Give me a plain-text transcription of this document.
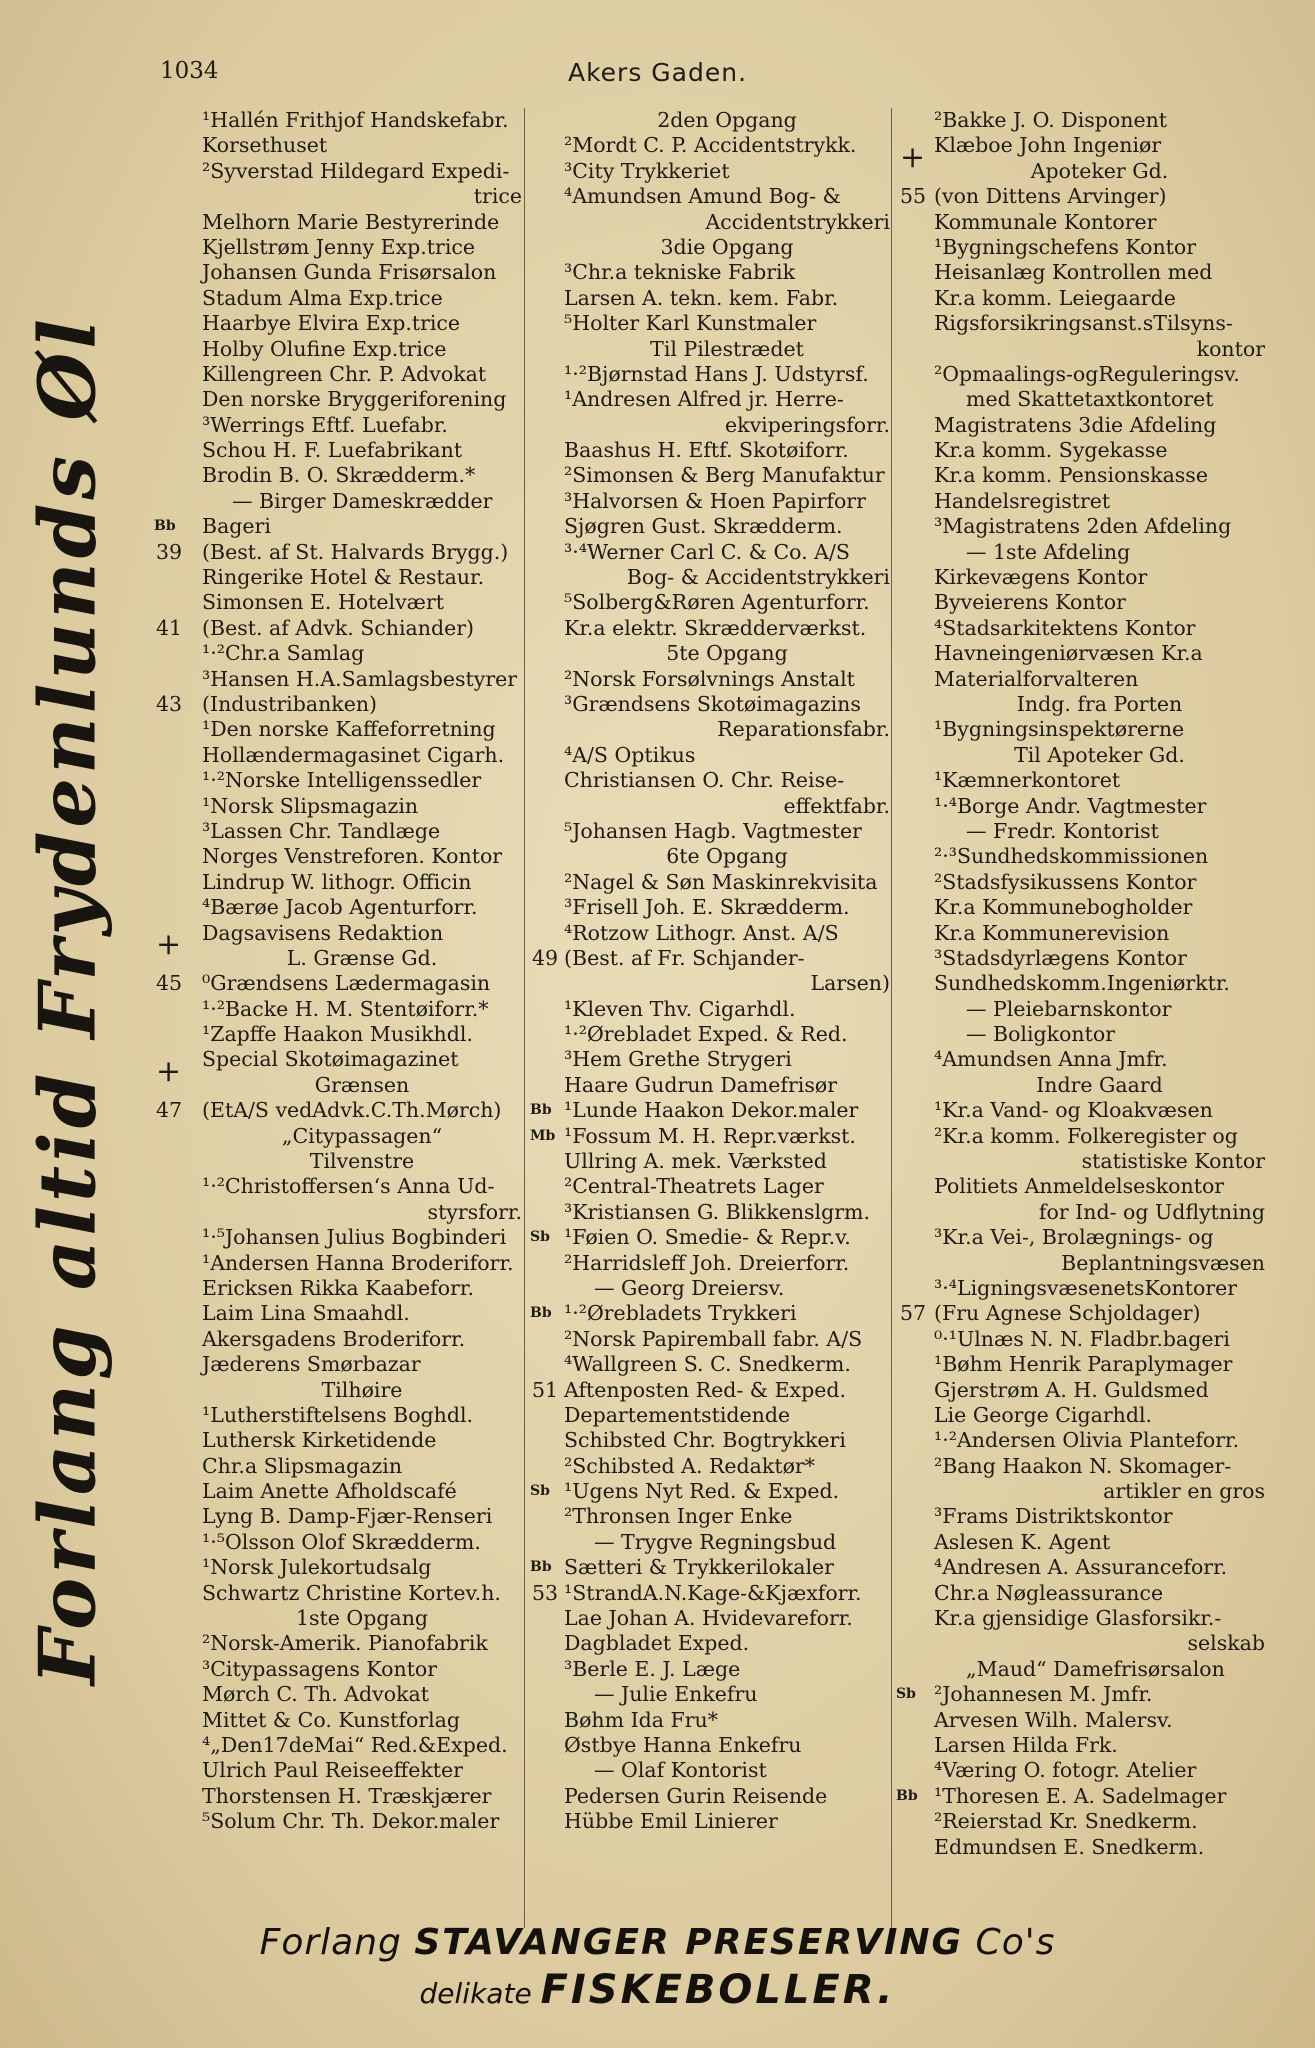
1034	Akers Gaden.
Forlang altid Frydenlunds Øl
¹Hallén Frithjof Handskefabr.
Korsethuset
²Syverstad Hildegard Expedi-
trice
Melhorn Marie Bestyrerinde
Kjellstrøm Jenny Exp.trice
Johansen Gunda Frisørsalon
Stadum Alma Exp.trice
Haarbye Elvira Exp.trice
Holby Olufine Exp.trice
Killengreen Chr. P. Advokat
Den norske Bryggeriforening
³Werrings Eftf. Luefabr.
Schou H. F. Luefabrikant
Brodin B. O. Skrædderm.*
— Birger Dameskrædder
Bb	Bageri
39 (Best. af St. Halvards Brygg.)
Ringerike Hotel & Restaur.
Simonsen E. Hotelvært
41 (Best. af Advk. Schiander)
¹·²Chr.a Samlag
³Hansen H.A.Samlagsbestyrer
43 (Industribanken)
¹Den norske Kaffeforretning
Hollændermagasinet Cigarh.
¹·²Norske Intelligenssedler
¹Norsk Slipsmagazin
³Lassen Chr. Tandlæge
Norges Venstreforen. Kontor
Lindrup W. lithogr. Officin
⁴Bærøe Jacob Agenturforr.
Dagsavisens Redaktion
+	L. Grænse Gd.
45 ⁰Grændsens Lædermagasin
¹·²Backe H. M. Stentøiforr.*
¹Zapffe Haakon Musikhdl.
Special Skotøimagazinet
+	Grænsen
47 (EtA/S vedAdvk.C.Th.Mørch)
„Citypassagen“
Tilvenstre
¹·²Christoffersen‘s Anna Ud-
styrsforr.
¹·⁵Johansen Julius Bogbinderi
¹Andersen Hanna Broderiforr.
Ericksen Rikka Kaabeforr.
Laim Lina Smaahdl.
Akersgadens Broderiforr.
Jæderens Smørbazar
Tilhøire
¹Lutherstiftelsens Boghdl.
Luthersk Kirketidende
Chr.a Slipsmagazin
Laim Anette Afholdscafé
Lyng B. Damp-Fjær-Renseri
¹·⁵Olsson Olof Skrædderm.
¹Norsk Julekortudsalg
Schwartz Christine Kortev.h.
1ste Opgang
²Norsk-Amerik. Pianofabrik
³Citypassagens Kontor
Mørch C. Th. Advokat
Mittet & Co. Kunstforlag
⁴„Den17deMai“ Red.&Exped.
Ulrich Paul Reiseeffekter
Thorstensen H. Træskjærer
⁵Solum Chr. Th. Dekor.maler
2den Opgang
²Mordt C. P. Accidentstrykk.
³City Trykkeriet
⁴Amundsen Amund Bog- &
Accidentstrykkeri
3die Opgang
³Chr.a tekniske Fabrik
Larsen A. tekn. kem. Fabr.
⁵Holter Karl Kunstmaler
Til Pilestrædet
¹·²Bjørnstad Hans J. Udstyrsf.
¹Andresen Alfred jr. Herre-
ekviperingsforr.
Baashus H. Eftf. Skotøiforr.
²Simonsen & Berg Manufaktur
³Halvorsen & Hoen Papirforr
Sjøgren Gust. Skrædderm.
³·⁴Werner Carl C. & Co. A/S
Bog- & Accidentstrykkeri
⁵Solberg&Røren Agenturforr.
Kr.a elektr. Skrædderværkst.
5te Opgang
²Norsk Forsølvnings Anstalt
³Grændsens Skotøimagazins
Reparationsfabr.
⁴A/S Optikus
Christiansen O. Chr. Reise-
effektfabr.
⁵Johansen Hagb. Vagtmester
6te Opgang
²Nagel & Søn Maskinrekvisita
³Frisell Joh. E. Skrædderm.
⁴Rotzow Lithogr. Anst. A/S
49 (Best. af Fr. Schjander-
Larsen)
¹Kleven Thv. Cigarhdl.
¹·²Ørebladet Exped. & Red.
³Hem Grethe Strygeri
Haare Gudrun Damefrisør
Bb ¹Lunde Haakon Dekor.maler
Mb ¹Fossum M. H. Repr.værkst.
Ullring A. mek. Værksted
²Central-Theatrets Lager
³Kristiansen G. Blikkenslgrm.
Sb ¹Føien O. Smedie- & Repr.v.
²Harridsleff Joh. Dreierforr.
— Georg Dreiersv.
Bb ¹·²Ørebladets Trykkeri
²Norsk Papiremball fabr. A/S
⁴Wallgreen S. C. Snedkerm.
51 Aftenposten Red- & Exped.
Departementstidende
Schibsted Chr. Bogtrykkeri
²Schibsted A. Redaktør*
Sb ¹Ugens Nyt Red. & Exped.
²Thronsen Inger Enke
— Trygve Regningsbud
Bb Sætteri & Trykkerilokaler
53 ¹StrandA.N.Kage-&Kjæxforr.
Lae Johan A. Hvidevareforr.
Dagbladet Exped.
³Berle E. J. Læge
— Julie Enkefru
Bøhm Ida Fru*
Østbye Hanna Enkefru
— Olaf Kontorist
Pedersen Gurin Reisende
Hübbe Emil Linierer
²Bakke J. O. Disponent
Klæboe John Ingeniør
+	Apoteker Gd.
55 (von Dittens Arvinger)
Kommunale Kontorer
¹Bygningschefens Kontor
Heisanlæg Kontrollen med
Kr.a komm. Leiegaarde
Rigsforsikringsanst.sTilsyns-
kontor
²Opmaalings-ogReguleringsv.
med Skattetaxtkontoret
Magistratens 3die Afdeling
Kr.a komm. Sygekasse
Kr.a komm. Pensionskasse
Handelsregistret
³Magistratens 2den Afdeling
— 1ste Afdeling
Kirkevægens Kontor
Byveierens Kontor
⁴Stadsarkitektens Kontor
Havneingeniørvæsen Kr.a
Materialforvalteren
Indg. fra Porten
¹Bygningsinspektørerne
Til Apoteker Gd.
¹Kæmnerkontoret
¹·⁴Borge Andr. Vagtmester
— Fredr. Kontorist
²·³Sundhedskommissionen
²Stadsfysikussens Kontor
Kr.a Kommunebogholder
Kr.a Kommunerevision
³Stadsdyrlægens Kontor
Sundhedskomm.Ingeniørktr.
— Pleiebarnskontor
— Boligkontor
⁴Amundsen Anna Jmfr.
Indre Gaard
¹Kr.a Vand- og Kloakvæsen
²Kr.a komm. Folkeregister og
statistiske Kontor
Politiets Anmeldelseskontor
for Ind- og Udflytning
³Kr.a Vei-, Brolægnings- og
Beplantningsvæsen
³·⁴LigningsvæsenetsKontorer
57 (Fru Agnese Schjoldager)
⁰·¹Ulnæs N. N. Fladbr.bageri
¹Bøhm Henrik Paraplymager
Gjerstrøm A. H. Guldsmed
Lie George Cigarhdl.
¹·²Andersen Olivia Planteforr.
²Bang Haakon N. Skomager-
artikler en gros
³Frams Distriktskontor
Aslesen K. Agent
⁴Andresen A. Assuranceforr.
Chr.a Nøgleassurance
Kr.a gjensidige Glasforsikr.-
selskab
„Maud“ Damefrisørsalon
Sb ²Johannesen M. Jmfr.
Arvesen Wilh. Malersv.
Larsen Hilda Frk.
⁴Væring O. fotogr. Atelier
Bb ¹Thoresen E. A. Sadelmager
²Reierstad Kr. Snedkerm.
Edmundsen E. Snedkerm.
Forlang STAVANGER PRESERVING Co's
delikate FISKEBOLLER.
